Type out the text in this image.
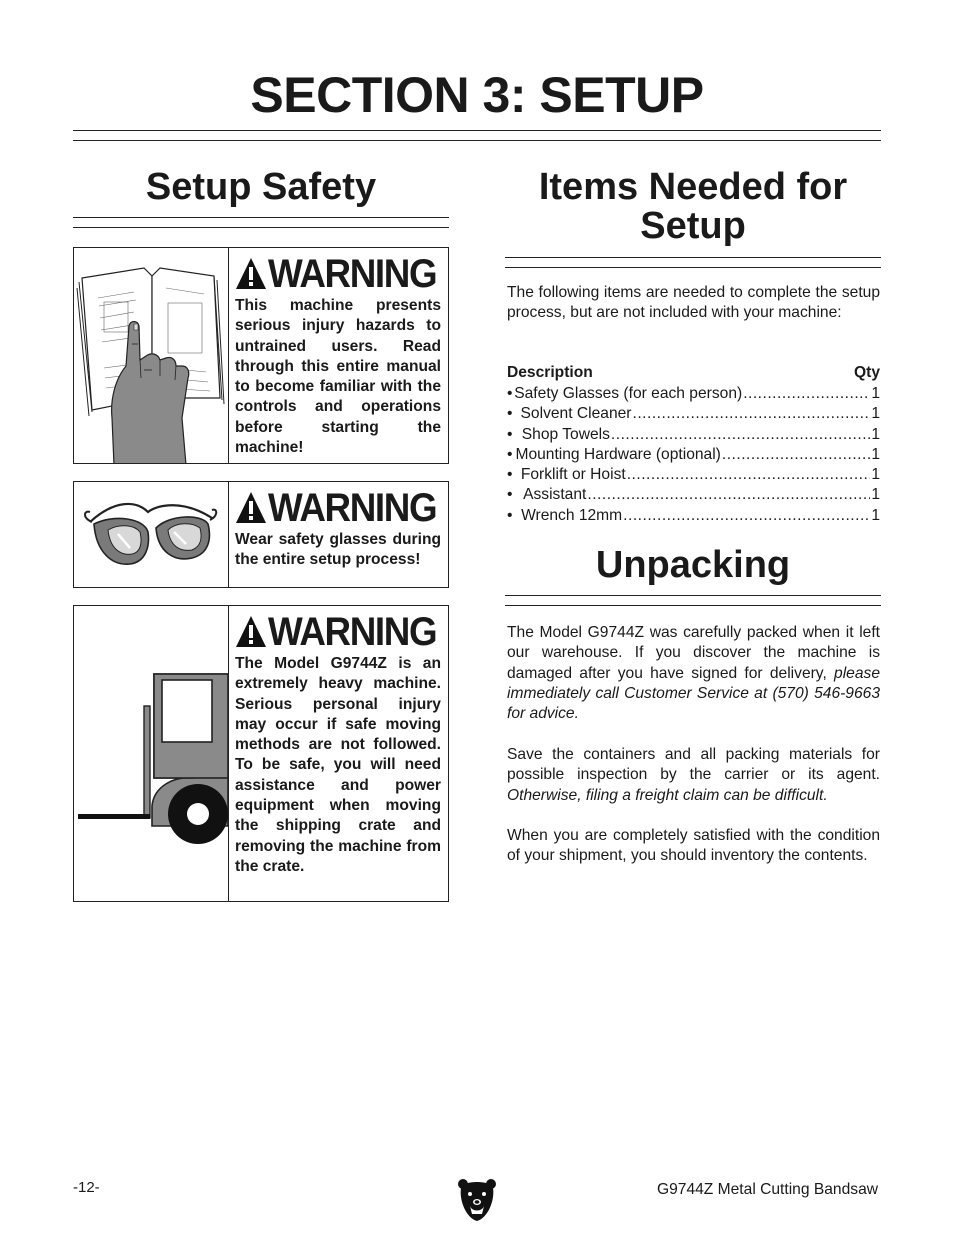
SECTION 3: SETUP
Setup Safety
WARNING
This machine presents serious injury hazards to untrained users. Read through this entire manual to become familiar with the controls and operations before starting the machine!
WARNING
Wear safety glasses during the entire setup process!
WARNING
The Model G9744Z is an extremely heavy machine. Serious personal injury may occur if safe moving methods are not followed. To be safe, you will need assistance and power equipment when moving the shipping crate and removing the machine from the crate.
Items Needed for
Setup

The following items are needed to complete the setup process, but are not included with your machine:

Description	Qty
• Safety Glasses (for each person) .....	1
• Solvent Cleaner .....	1
• Shop Towels .....	1
• Mounting Hardware (optional) .....	1
• Forklift or Hoist .....	1
• Assistant .....	1
• Wrench 12mm .....	1
Unpacking

The Model G9744Z was carefully packed when it left our warehouse. If you discover the machine is damaged after you have signed for delivery, please immediately call Customer Service at (570) 546-9663 for advice.

Save the containers and all packing materials for possible inspection by the carrier or its agent. Otherwise, filing a freight claim can be difficult.

When you are completely satisfied with the condition of your shipment, you should inventory the contents.

-12-	G9744Z Metal Cutting Bandsaw
